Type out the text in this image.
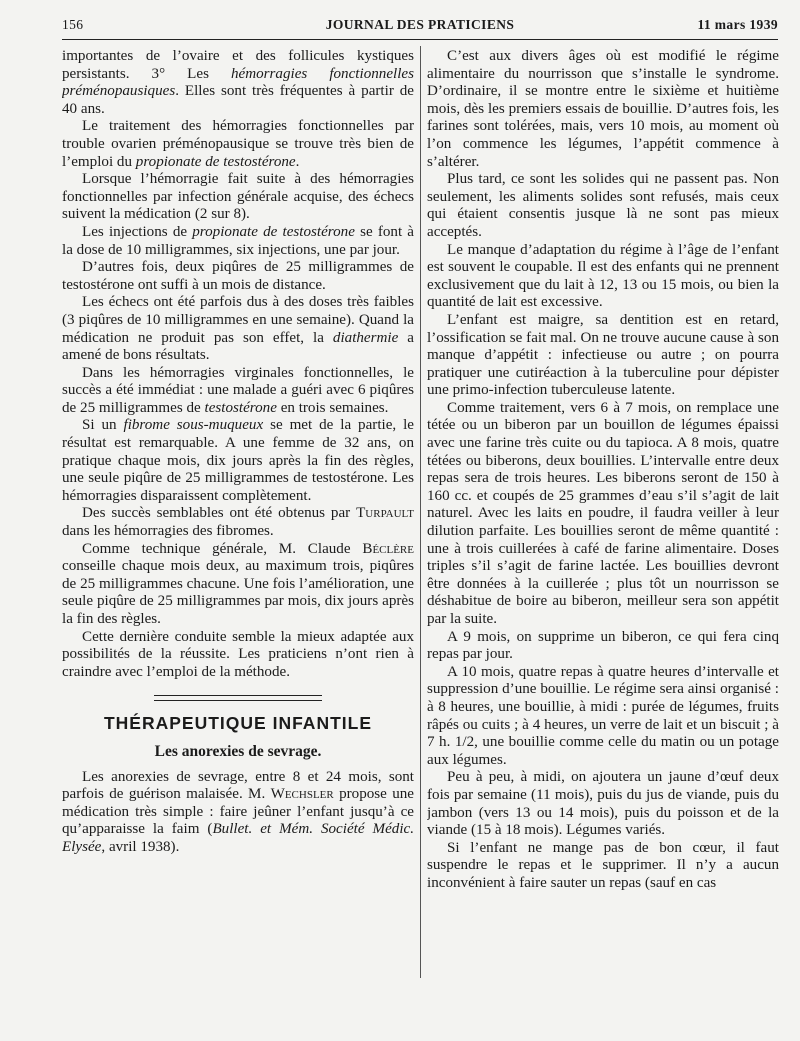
156	JOURNAL DES PRATICIENS	11 mars 1939

importantes de l’ovaire et des follicules kystiques persistants. 3° Les hémorragies fonctionnelles préménopausiques. Elles sont très fréquentes à partir de 40 ans.

Le traitement des hémorragies fonctionnelles par trouble ovarien préménopausique se trouve très bien de l’emploi du propionate de testostérone.

Lorsque l’hémorragie fait suite à des hémorragies fonctionnelles par infection générale acquise, des échecs suivent la médication (2 sur 8).

Les injections de propionate de testostérone se font à la dose de 10 milligrammes, six injections, une par jour.

D’autres fois, deux piqûres de 25 milligrammes de testostérone ont suffi à un mois de distance.

Les échecs ont été parfois dus à des doses très faibles (3 piqûres de 10 milligrammes en une semaine). Quand la médication ne produit pas son effet, la diathermie a amené de bons résultats.

Dans les hémorragies virginales fonctionnelles, le succès a été immédiat : une malade a guéri avec 6 piqûres de 25 milligrammes de testostérone en trois semaines.

Si un fibrome sous-muqueux se met de la partie, le résultat est remarquable. A une femme de 32 ans, on pratique chaque mois, dix jours après la fin des règles, une seule piqûre de 25 milligrammes de testostérone. Les hémorragies disparaissent complètement.

Des succès semblables ont été obtenus par Turpault dans les hémorragies des fibromes.

Comme technique générale, M. Claude Béclère conseille chaque mois deux, au maximum trois, piqûres de 25 milligrammes chacune. Une fois l’amélioration, une seule piqûre de 25 milligrammes par mois, dix jours après la fin des règles.

Cette dernière conduite semble la mieux adaptée aux possibilités de la réussite. Les praticiens n’ont rien à craindre avec l’emploi de la méthode.

THÉRAPEUTIQUE INFANTILE
Les anorexies de sevrage.

Les anorexies de sevrage, entre 8 et 24 mois, sont parfois de guérison malaisée. M. Wechsler propose une médication très simple : faire jeûner l’enfant jusqu’à ce qu’apparaisse la faim (Bullet. et Mém. Société Médic. Elysée, avril 1938).

C’est aux divers âges où est modifié le régime alimentaire du nourrisson que s’installe le syndrome. D’ordinaire, il se montre entre le sixième et huitième mois, dès les premiers essais de bouillie. D’autres fois, les farines sont tolérées, mais, vers 10 mois, au moment où l’on commence les légumes, l’appétit commence à s’altérer.

Plus tard, ce sont les solides qui ne passent pas. Non seulement, les aliments solides sont refusés, mais ceux qui étaient consentis jusque là ne sont pas mieux acceptés.

Le manque d’adaptation du régime à l’âge de l’enfant est souvent le coupable. Il est des enfants qui ne prennent exclusivement que du lait à 12, 13 ou 15 mois, ou bien la quantité de lait est excessive.

L’enfant est maigre, sa dentition est en retard, l’ossification se fait mal. On ne trouve aucune cause à son manque d’appétit : infectieuse ou autre ; on pourra pratiquer une cutiréaction à la tuberculine pour dépister une primo-infection tuberculeuse latente.

Comme traitement, vers 6 à 7 mois, on remplace une tétée ou un biberon par un bouillon de légumes épaissi avec une farine très cuite ou du tapioca. A 8 mois, quatre tétées ou biberons, deux bouillies. L’intervalle entre deux repas sera de trois heures. Les biberons seront de 150 à 160 cc. et coupés de 25 grammes d’eau s’il s’agit de lait naturel. Avec les laits en poudre, il faudra veiller à leur dilution parfaite. Les bouillies seront de même quantité : une à trois cuillerées à café de farine alimentaire. Doses triples s’il s’agit de farine lactée. Les bouillies devront être données à la cuillerée ; plus tôt un nourrisson se déshabitue de boire au biberon, meilleur sera son appétit par la suite.

A 9 mois, on supprime un biberon, ce qui fera cinq repas par jour.

A 10 mois, quatre repas à quatre heures d’intervalle et suppression d’une bouillie. Le régime sera ainsi organisé : à 8 heures, une bouillie, à midi : purée de légumes, fruits râpés ou cuits ; à 4 heures, un verre de lait et un biscuit ; à 7 h. 1/2, une bouillie comme celle du matin ou un potage aux légumes.

Peu à peu, à midi, on ajoutera un jaune d’œuf deux fois par semaine (11 mois), puis du jus de viande, puis du jambon (vers 13 ou 14 mois), puis du poisson et de la viande (15 à 18 mois). Légumes variés.

Si l’enfant ne mange pas de bon cœur, il faut suspendre le repas et le supprimer. Il n’y a aucun inconvénient à faire sauter un repas (sauf en cas
